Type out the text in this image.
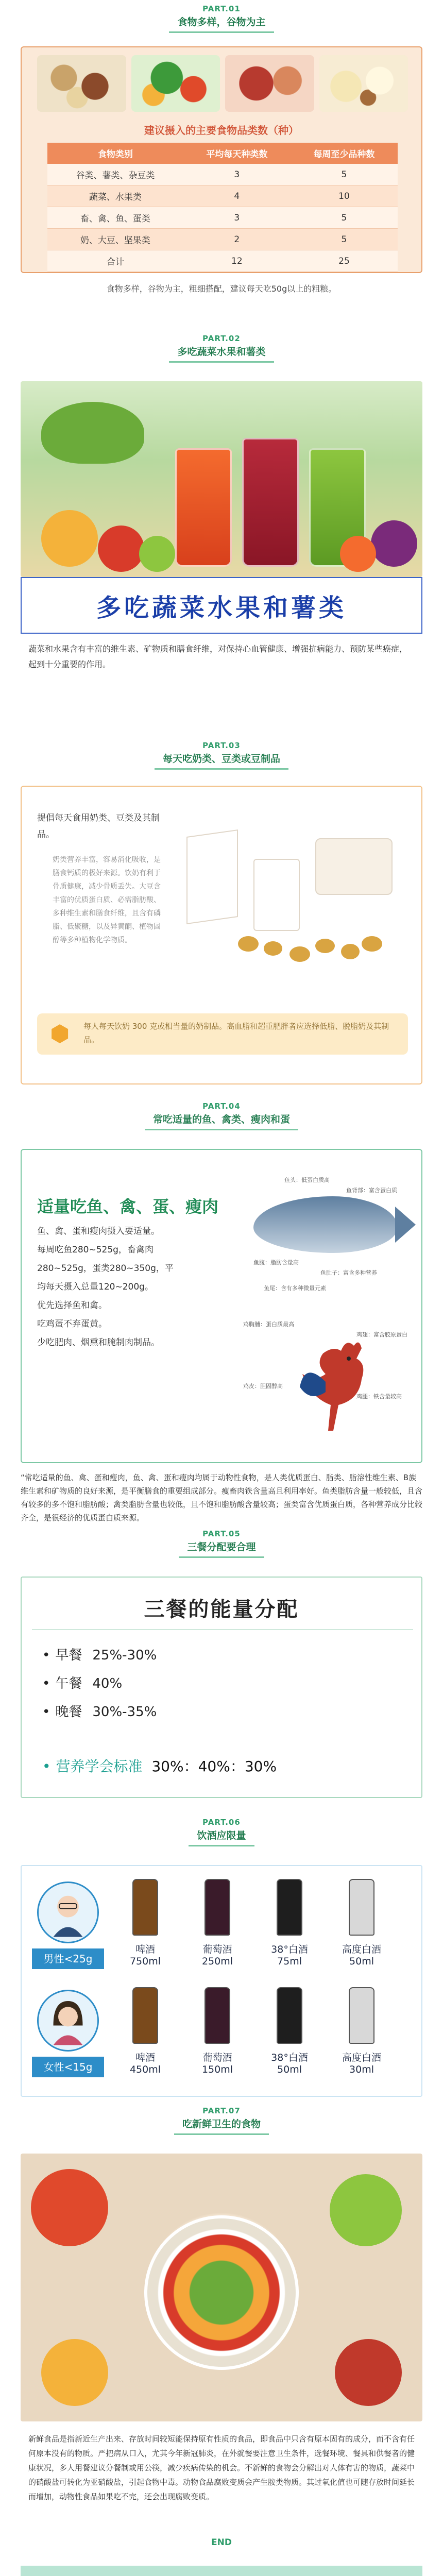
PART.01
食物多样，谷物为主
建议摄入的主要食物品类数（种）
食物类别	平均每天种类数	每周至少品种数
谷类、薯类、杂豆类	3	5
蔬菜、水果类	4	10
畜、禽、鱼、蛋类	3	5
奶、大豆、坚果类	2	5
合计	12	25
食物多样，谷物为主，粗细搭配，建议每天吃50g以上的粗粮。
PART.02
多吃蔬菜水果和薯类
多吃蔬菜水果和薯类
蔬菜和水果含有丰富的维生素、矿物质和膳食纤维，对保持心血管健康、增强抗病能力、预防某些癌症，起到十分重要的作用。
PART.03
每天吃奶类、豆类或豆制品
提倡每天食用奶类、豆类及其制品。
奶类营养丰富，容易消化吸收，是膳食钙质的极好来源。饮奶有利于骨质健康，减少骨质丢失。大豆含丰富的优质蛋白质、必需脂肪酸、多种维生素和膳食纤维，且含有磷脂、低聚糖，以及异黄酮、植物固醇等多种植物化学物质。
⬢	每人每天饮奶 300 克或相当量的奶制品。高血脂和超重肥胖者应选择低脂、脱脂奶及其制品。
PART.04
常吃适量的鱼、禽类、瘦肉和蛋
适量吃鱼、禽、蛋、瘦肉
鱼、禽、蛋和瘦肉摄入要适量。
每周吃鱼280~525g，畜禽肉
280~525g，蛋类280~350g，平
均每天摄入总量120~200g。
优先选择鱼和禽。
吃鸡蛋不弃蛋黄。
少吃肥肉、烟熏和腌制肉制品。
鱼头：低蛋白质高
鱼背部：富含蛋白质
鱼腹：脂肪含量高
鱼肚子：富含多种营养
鱼尾：含有多种微量元素
鸡胸脯：蛋白质最高
鸡翅：富含胶原蛋白
鸡皮：胆固醇高
鸡腿：铁含量较高
“常吃适量的鱼、禽、蛋和瘦肉，鱼、禽、蛋和瘦肉均属于动物性食物，是人类优质蛋白、脂类、脂溶性维生素、B族维生素和矿物质的良好来源，是平衡膳食的重要组成部分。瘦畜肉铁含量高且利用率好。鱼类脂肪含量一般较低，且含有较多的多不饱和脂肪酸；禽类脂肪含量也较低，且不饱和脂肪酸含量较高；蛋类富含优质蛋白质，各种营养成分比较齐全，是很经济的优质蛋白质来源。
PART.05
三餐分配要合理
三餐的能量分配
• 早餐 25%-30%
• 午餐 40%
• 晚餐 30%-35%
• 营养学会标准 30%：40%：30%
PART.06
饮酒应限量
男性<25g
啤酒
750ml
葡萄酒
250ml
38°白酒
75ml
高度白酒
50ml
女性<15g
啤酒
450ml
葡萄酒
150ml
38°白酒
50ml
高度白酒
30ml
PART.07
吃新鲜卫生的食物
新鲜食品是指新近生产出来、存放时间较短能保持原有性质的食品，即食品中只含有原本固有的成分，而不含有任何原本没有的物质。严把病从口入，尤其今年新冠肺炎，在外就餐要注意卫生条件，选餐环境、餐具和供餐者的健康状况，多人用餐建议分餐制或用公筷，减少疾病传染的机会。不新鲜的食物会分解出对人体有害的物质，蔬菜中的硝酸盐可转化为亚硝酸盐，引起食物中毒。动物食品腐败变质会产生胺类物质。其过氧化值也可随存放时间延长而增加，动物性食品如果吃不完，还会出现腐败变质。
END
